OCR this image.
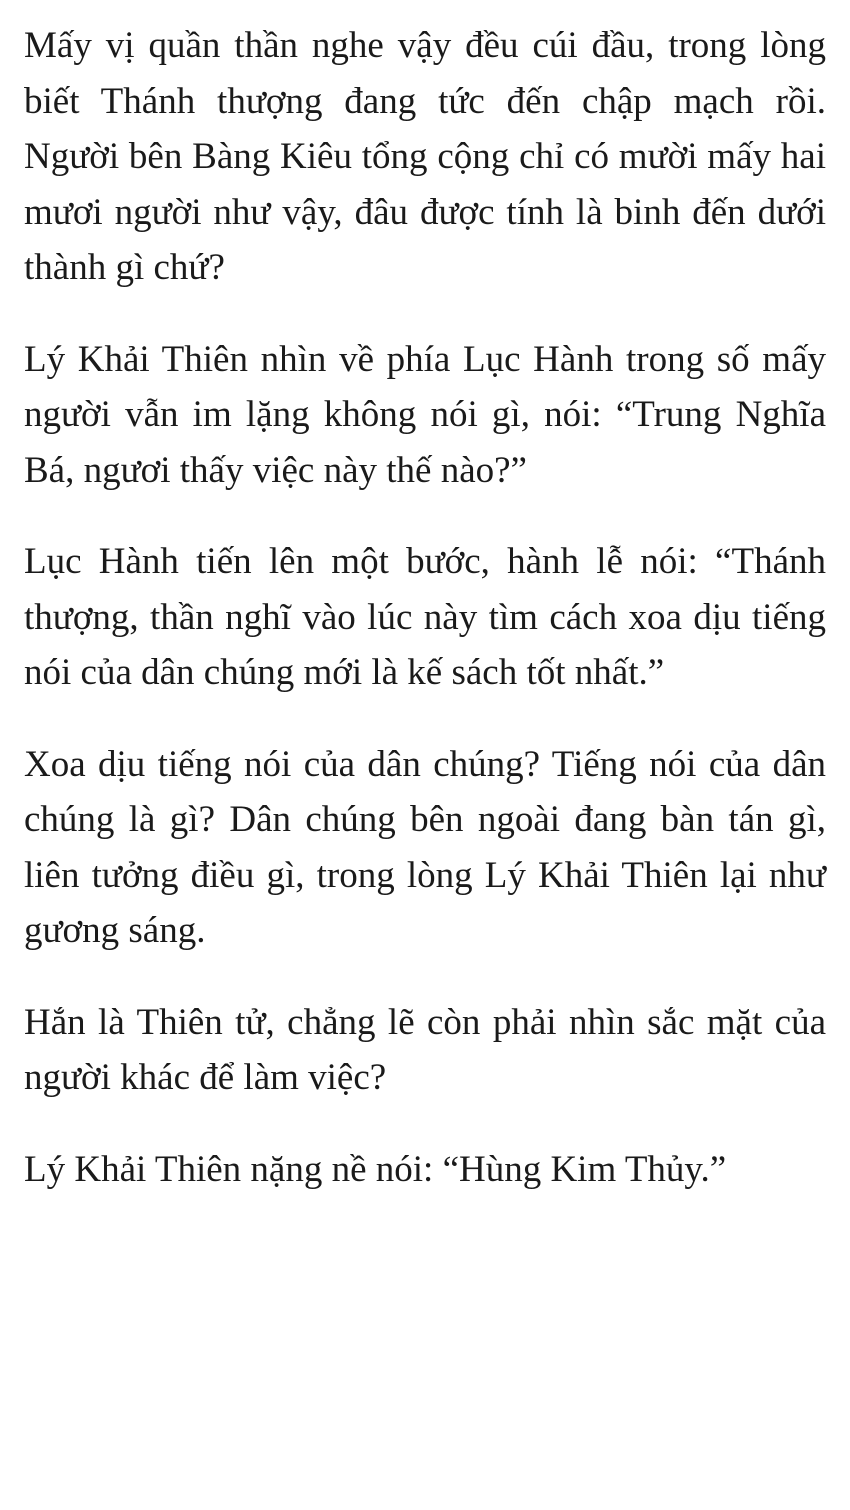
Mấy vị quần thần nghe vậy đều cúi đầu, trong lòng biết Thánh thượng đang tức đến chập mạch rồi. Người bên Bàng Kiêu tổng cộng chỉ có mười mấy hai mươi người như vậy, đâu được tính là binh đến dưới thành gì chứ?

Lý Khải Thiên nhìn về phía Lục Hành trong số mấy người vẫn im lặng không nói gì, nói: “Trung Nghĩa Bá, ngươi thấy việc này thế nào?”

Lục Hành tiến lên một bước, hành lễ nói: “Thánh thượng, thần nghĩ vào lúc này tìm cách xoa dịu tiếng nói của dân chúng mới là kế sách tốt nhất.”

Xoa dịu tiếng nói của dân chúng? Tiếng nói của dân chúng là gì? Dân chúng bên ngoài đang bàn tán gì, liên tưởng điều gì, trong lòng Lý Khải Thiên lại như gương sáng.

Hắn là Thiên tử, chẳng lẽ còn phải nhìn sắc mặt của người khác để làm việc?

Lý Khải Thiên nặng nề nói: “Hùng Kim Thủy.”
